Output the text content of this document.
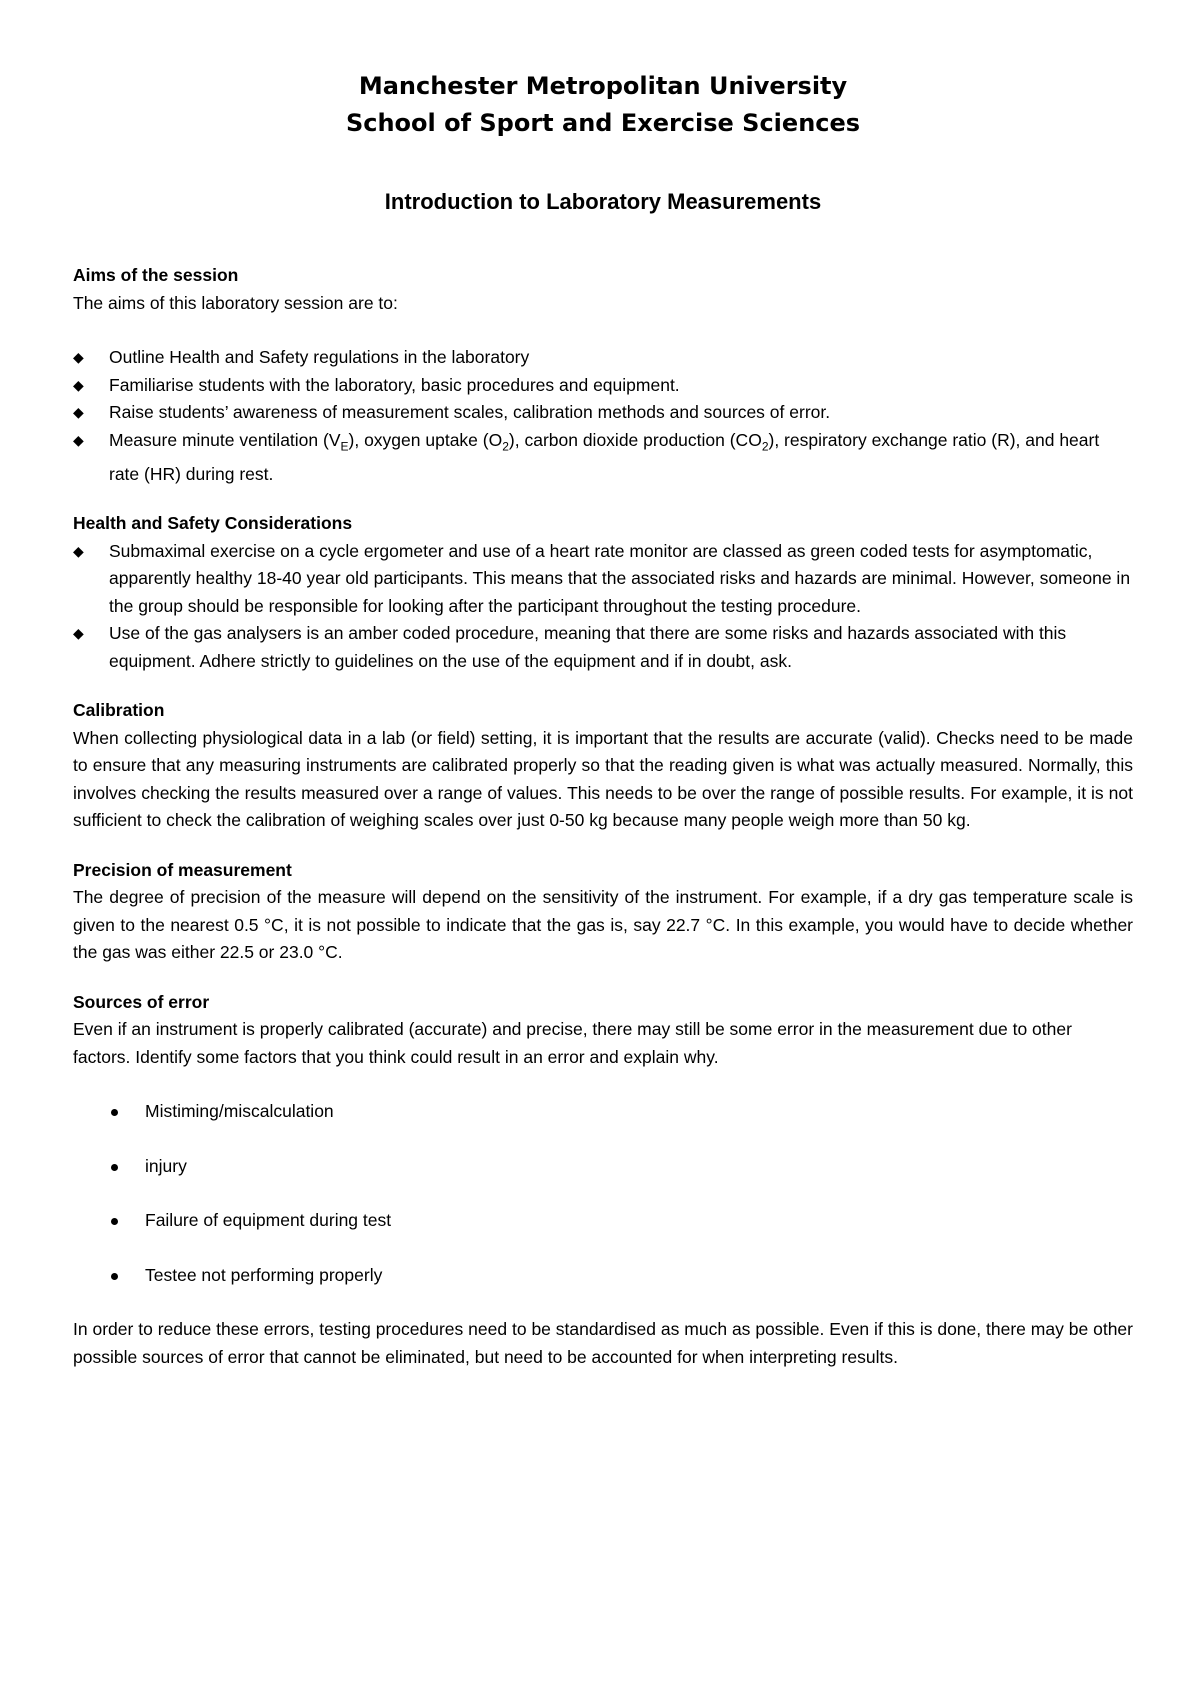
Manchester Metropolitan University
School of Sport and Exercise Sciences
Introduction to Laboratory Measurements
Aims of the session

The aims of this laboratory session are to:

◆ Outline Health and Safety regulations in the laboratory
◆ Familiarise students with the laboratory, basic procedures and equipment.
◆ Raise students’ awareness of measurement scales, calibration methods and sources of error.
◆ Measure minute ventilation $(V_E)$, oxygen uptake $(O_2)$, carbon dioxide production $(CO_2)$, respiratory exchange ratio (R), and heart rate (HR) during rest.
Health and Safety Considerations
◆ Submaximal exercise on a cycle ergometer and use of a heart rate monitor are classed as green coded tests for asymptomatic, apparently healthy 18-40 year old participants. This means that the associated risks and hazards are minimal. However, someone in the group should be responsible for looking after the participant throughout the testing procedure.
◆ Use of the gas analysers is an amber coded procedure, meaning that there are some risks and hazards associated with this equipment. Adhere strictly to guidelines on the use of the equipment and if in doubt, ask.
Calibration

When collecting physiological data in a lab (or field) setting, it is important that the results are accurate (valid). Checks need to be made to ensure that any measuring instruments are calibrated properly so that the reading given is what was actually measured. Normally, this involves checking the results measured over a range of values. This needs to be over the range of possible results. For example, it is not sufficient to check the calibration of weighing scales over just 0-50 kg because many people weigh more than 50 kg.

Precision of measurement

The degree of precision of the measure will depend on the sensitivity of the instrument. For example, if a dry gas temperature scale is given to the nearest 0.5 °C, it is not possible to indicate that the gas is, say 22.7 °C. In this example, you would have to decide whether the gas was either 22.5 or 23.0 °C.

Sources of error

Even if an instrument is properly calibrated (accurate) and precise, there may still be some error in the measurement due to other factors. Identify some factors that you think could result in an error and explain why.

Mistiming/miscalculation
injury
Failure of equipment during test
Testee not performing properly

In order to reduce these errors, testing procedures need to be standardised as much as possible. Even if this is done, there may be other possible sources of error that cannot be eliminated, but need to be accounted for when interpreting results.
